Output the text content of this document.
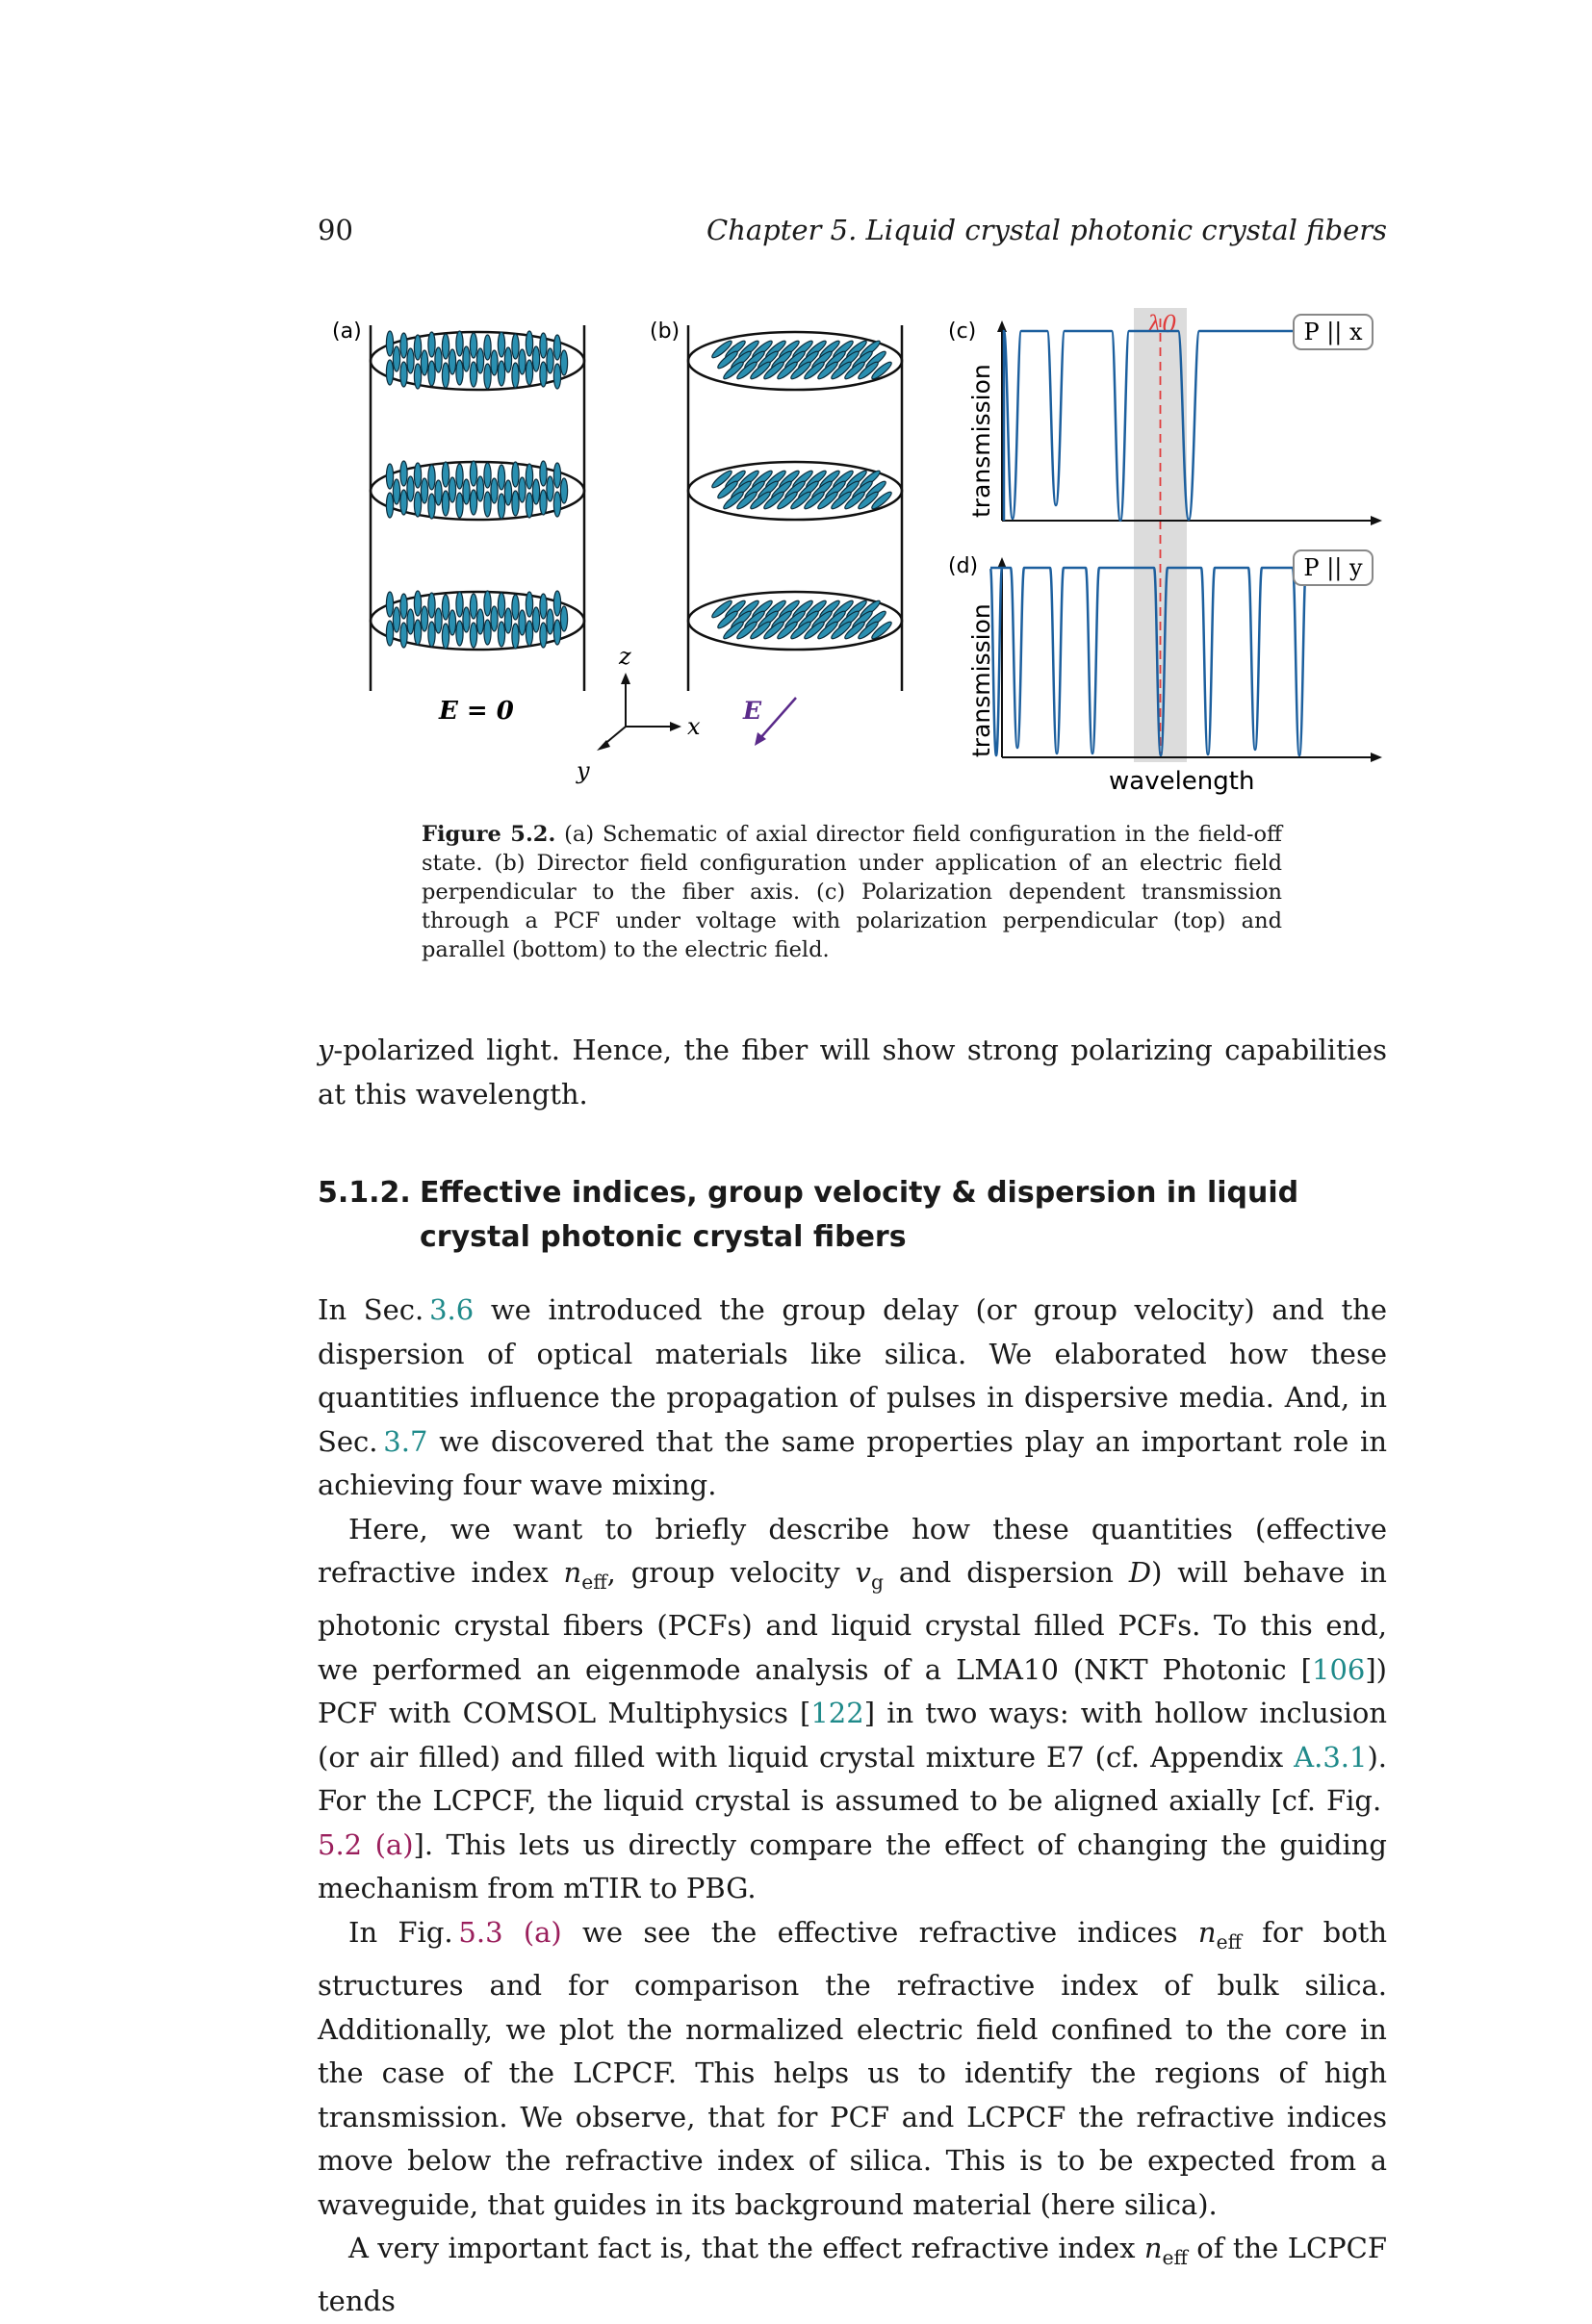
90	Chapter 5. Liquid crystal photonic crystal fibers
(a)
E = 0
(b)
z
x
y
E
λ0
(c)
(d)
transmission
transmission
wavelength
P || x
P || y
Figure 5.2. (a) Schematic of axial director field configuration in the field-off state. (b) Director field configuration under application of an electric field perpendicular to the fiber axis. (c) Polarization dependent transmission through a PCF under voltage with polarization perpendicular (top) and parallel (bottom) to the electric field.

y-polarized light. Hence, the fiber will show strong polarizing capabilities at this wavelength.

5.1.2. Effective indices, group velocity & dispersion in liquid crystal photonic crystal fibers

In Sec.  3.6 we introduced the group delay (or group velocity) and the dispersion of optical materials like silica. We elaborated how these quantities influence the propagation of pulses in dispersive media. And, in Sec.  3.7 we discovered that the same properties play an important role in achieving four wave mixing.

Here, we want to briefly describe how these quantities (effective refractive index $n_{eff}$, group velocity $v_g$ and dispersion D) will behave in photonic crystal fibers (PCFs) and liquid crystal filled PCFs. To this end, we performed an eigenmode analysis of a LMA10 (NKT Photonic [106]) PCF with COMSOL Multiphysics [122] in two ways: with hollow inclusion (or air filled) and filled with liquid crystal mixture E7 (cf. Appendix A.3.1). For the LCPCF, the liquid crystal is assumed to be aligned axially [cf. Fig. 5.2 (a)]. This lets us directly compare the effect of changing the guiding mechanism from mTIR to PBG.

In Fig.  5.3 (a) we see the effective refractive indices $n_{eff}$ for both structures and for comparison the refractive index of bulk silica. Additionally, we plot the normalized electric field confined to the core in the case of the LCPCF. This helps us to identify the regions of high transmission. We observe, that for PCF and LCPCF the refractive indices move below the refractive index of silica. This is to be expected from a waveguide, that guides in its background material (here silica).

A very important fact is, that the effect refractive index $n_{eff}$ of the LCPCF tends
